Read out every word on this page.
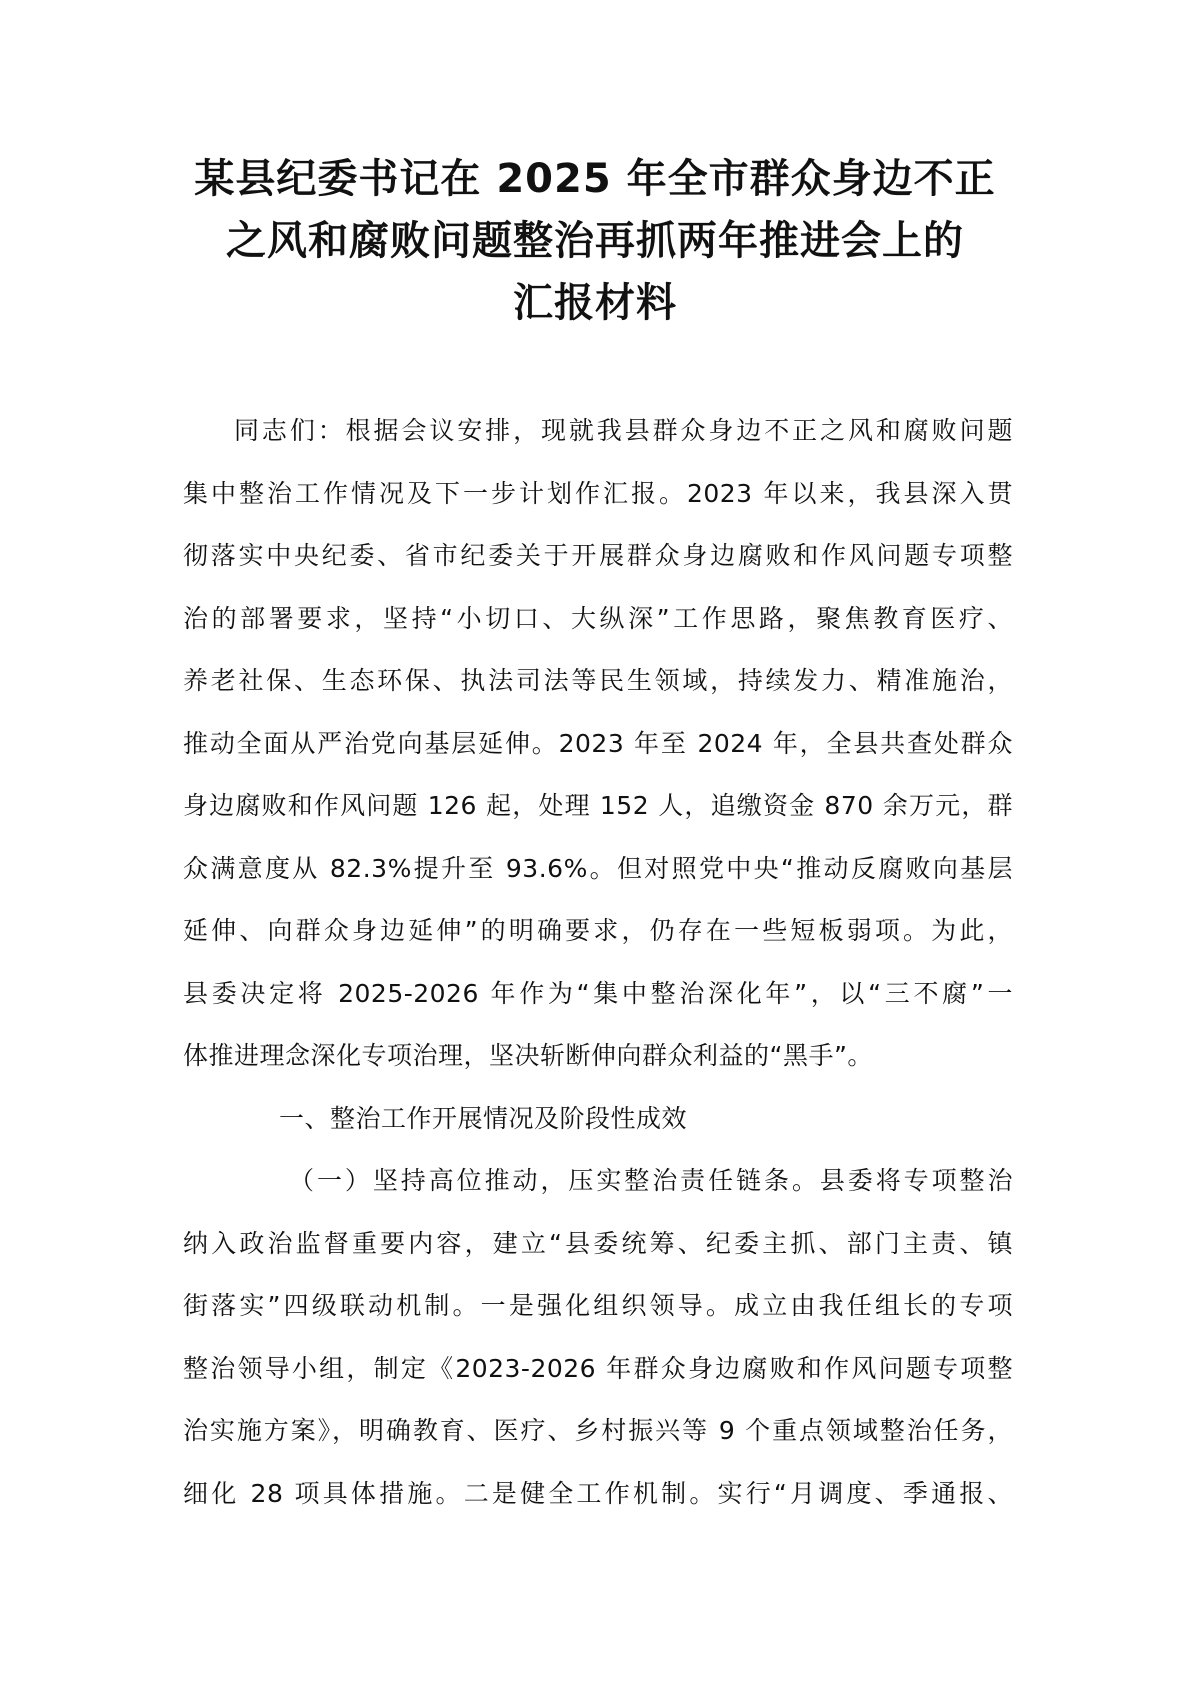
某县纪委书记在 2025 年全市群众身边不正
之风和腐败问题整治再抓两年推进会上的
汇报材料
同志们：根据会议安排，现就我县群众身边不正之风和腐败问题
集中整治工作情况及下一步计划作汇报。2023 年以来，我县深入贯
彻落实中央纪委、省市纪委关于开展群众身边腐败和作风问题专项整
治的部署要求，坚持“小切口、大纵深”工作思路，聚焦教育医疗、
养老社保、生态环保、执法司法等民生领域，持续发力、精准施治，
推动全面从严治党向基层延伸。2023 年至 2024 年，全县共查处群众
身边腐败和作风问题 126 起，处理 152 人，追缴资金 870 余万元，群
众满意度从 82.3%提升至 93.6%。但对照党中央“推动反腐败向基层
延伸、向群众身边延伸”的明确要求，仍存在一些短板弱项。为此，
县委决定将 2025-2026 年作为“集中整治深化年”，以“三不腐”一
体推进理念深化专项治理，坚决斩断伸向群众利益的“黑手”。
一、整治工作开展情况及阶段性成效
（一）坚持高位推动，压实整治责任链条。县委将专项整治
纳入政治监督重要内容，建立“县委统筹、纪委主抓、部门主责、镇
街落实”四级联动机制。一是强化组织领导。成立由我任组长的专项
整治领导小组，制定《2023-2026 年群众身边腐败和作风问题专项整
治实施方案》，明确教育、医疗、乡村振兴等 9 个重点领域整治任务，
细化 28 项具体措施。二是健全工作机制。实行“月调度、季通报、
